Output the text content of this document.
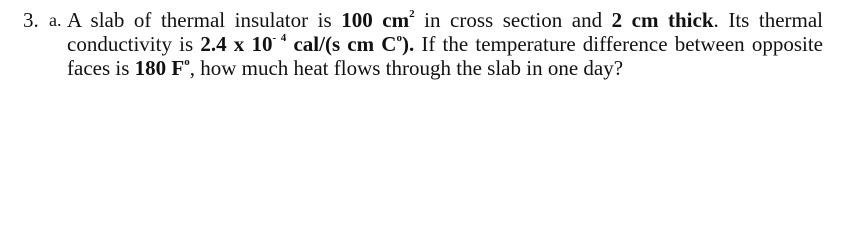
3. a. A slab of thermal insulator is 100 $cm^2$ in cross section and 2 cm thick. Its thermal conductivity is 2.4 x $10^{- 4}$ cal/(s cm $C^o$). If the temperature difference between opposite faces is 180 $F^o$, how much heat flows through the slab in one day?
